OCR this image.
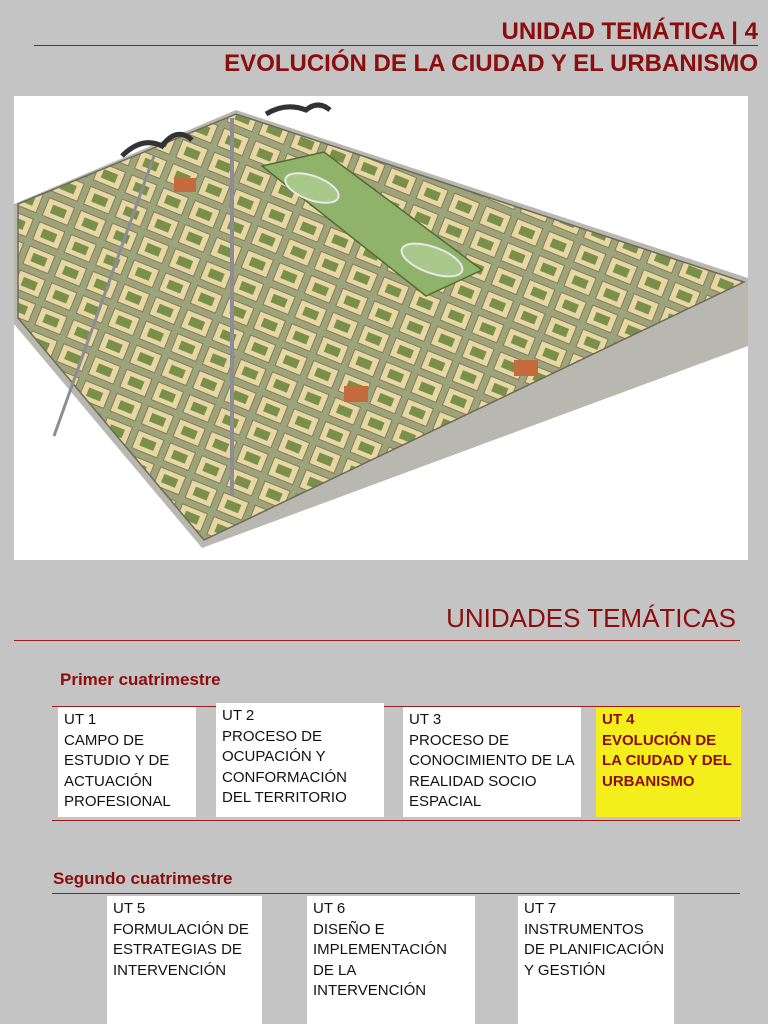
UNIDAD TEMÁTICA | 4
EVOLUCIÓN DE LA CIUDAD Y EL URBANISMO
UNIDADES TEMÁTICAS
Primer cuatrimestre
UT 1
CAMPO DE ESTUDIO Y DE ACTUACIÓN PROFESIONAL
UT 2
PROCESO DE OCUPACIÓN Y CONFORMACIÓN DEL TERRITORIO
UT 3
PROCESO DE CONOCIMIENTO DE LA REALIDAD SOCIO ESPACIAL
UT 4
EVOLUCIÓN DE LA CIUDAD Y DEL URBANISMO
Segundo cuatrimestre
UT 5
FORMULACIÓN DE ESTRATEGIAS DE INTERVENCIÓN
UT 6
DISEÑO E IMPLEMENTACIÓN DE LA INTERVENCIÓN
UT 7
INSTRUMENTOS DE PLANIFICACIÓN Y GESTIÓN
